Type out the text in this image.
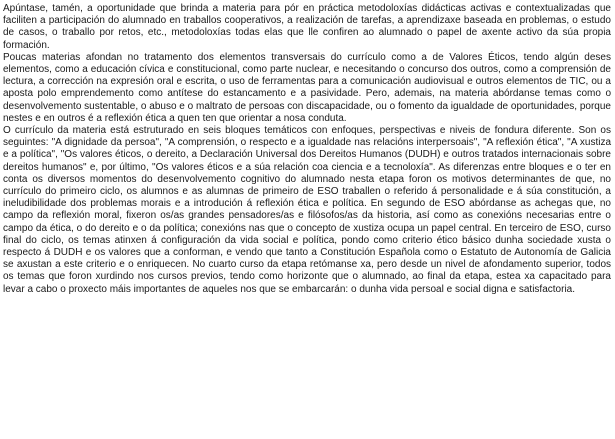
Apúntase, tamén, a oportunidade que brinda a materia para pór en práctica metodoloxías didácticas activas e contextualizadas que faciliten a participación do alumnado en traballos cooperativos, a realización de tarefas, a aprendizaxe baseada en problemas, o estudo de casos, o traballo por retos, etc., metodoloxías todas elas que lle confiren ao alumnado o papel de axente activo da súa propia formación.

Poucas materias afondan no tratamento dos elementos transversais do currículo como a de Valores Éticos, tendo algún deses elementos, como a educación cívica e constitucional, como parte nuclear, e necesitando o concurso dos outros, como a comprensión de lectura, a corrección na expresión oral e escrita, o uso de ferramentas para a comunicación audiovisual e outros elementos de TIC, ou a aposta polo emprendemento como antítese do estancamento e a pasividade. Pero, ademais, na materia abórdanse temas como o desenvolvemento sustentable, o abuso e o maltrato de persoas con discapacidade, ou o fomento da igualdade de oportunidades, porque nestes e en outros é a reflexión ética a quen ten que orientar a nosa conduta.

O currículo da materia está estruturado en seis bloques temáticos con enfoques, perspectivas e niveis de fondura diferente. Son os seguintes: "A dignidade da persoa", "A comprensión, o respecto e a igualdade nas relacións interpersoais", "A reflexión ética", "A xustiza e a política", "Os valores éticos, o dereito, a Declaración Universal dos Dereitos Humanos (DUDH) e outros tratados internacionais sobre dereitos humanos" e, por último, "Os valores éticos e a súa relación coa ciencia e a tecnoloxía". As diferenzas entre bloques e o ter en conta os diversos momentos do desenvolvemento cognitivo do alumnado nesta etapa foron os motivos determinantes de que, no currículo do primeiro ciclo, os alumnos e as alumnas de primeiro de ESO traballen o referido á personalidade e á súa constitución, a ineludibilidade dos problemas morais e a introdución á reflexión ética e política. En segundo de ESO abórdanse as achegas que, no campo da reflexión moral, fixeron os/as grandes pensadores/as e filósofos/as da historia, así como as conexións necesarias entre o campo da ética, o do dereito e o da política; conexións nas que o concepto de xustiza ocupa un papel central. En terceiro de ESO, curso final do ciclo, os temas atinxen á configuración da vida social e política, pondo como criterio ético básico dunha sociedade xusta o respecto á DUDH e os valores que a conforman, e vendo que tanto a Constitución Española como o Estatuto de Autonomía de Galicia se axustan a este criterio e o enriquecen. No cuarto curso da etapa retómanse xa, pero desde un nivel de afondamento superior, todos os temas que foron xurdindo nos cursos previos, tendo como horizonte que o alumnado, ao final da etapa, estea xa capacitado para levar a cabo o proxecto máis importantes de aqueles nos que se embarcarán: o dunha vida persoal e social digna e satisfactoria.
